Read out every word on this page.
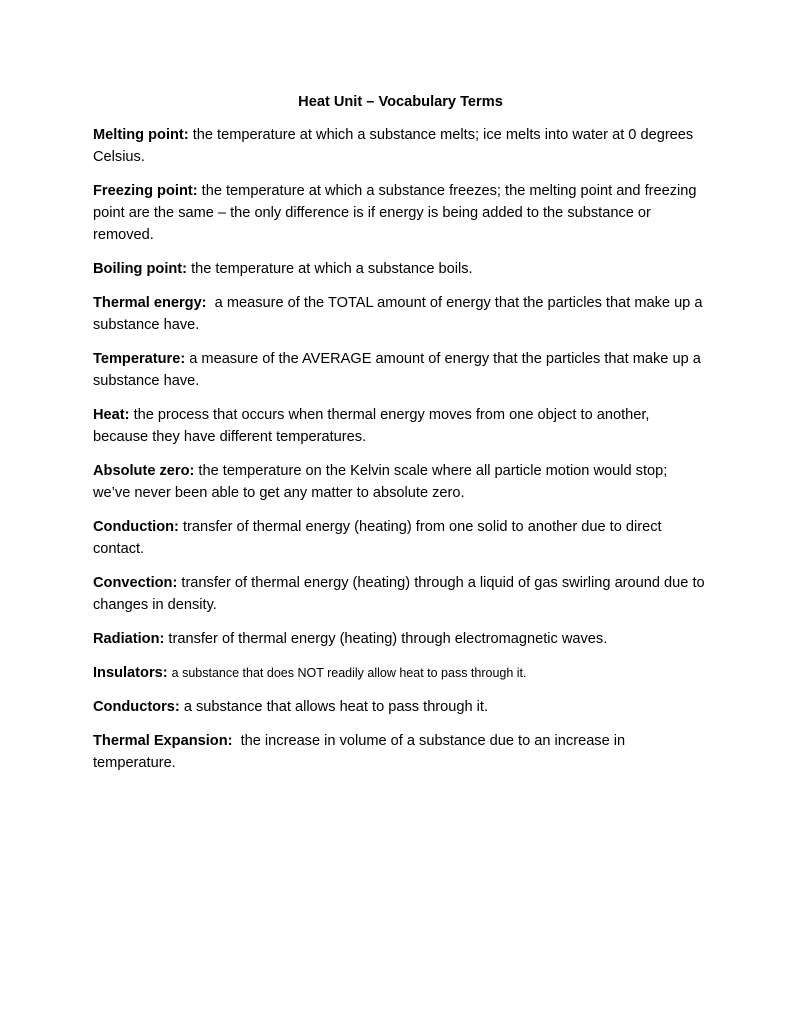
Heat Unit – Vocabulary Terms

Melting point: the temperature at which a substance melts; ice melts into water at 0 degrees Celsius.

Freezing point: the temperature at which a substance freezes; the melting point and freezing point are the same – the only difference is if energy is being added to the substance or removed.

Boiling point: the temperature at which a substance boils.

Thermal energy: a measure of the TOTAL amount of energy that the particles that make up a substance have.

Temperature: a measure of the AVERAGE amount of energy that the particles that make up a substance have.

Heat: the process that occurs when thermal energy moves from one object to another, because they have different temperatures.

Absolute zero: the temperature on the Kelvin scale where all particle motion would stop; we’ve never been able to get any matter to absolute zero.

Conduction: transfer of thermal energy (heating) from one solid to another due to direct contact.

Convection: transfer of thermal energy (heating) through a liquid of gas swirling around due to changes in density.

Radiation: transfer of thermal energy (heating) through electromagnetic waves.

Insulators: a substance that does NOT readily allow heat to pass through it.

Conductors: a substance that allows heat to pass through it.

Thermal Expansion: the increase in volume of a substance due to an increase in temperature.
